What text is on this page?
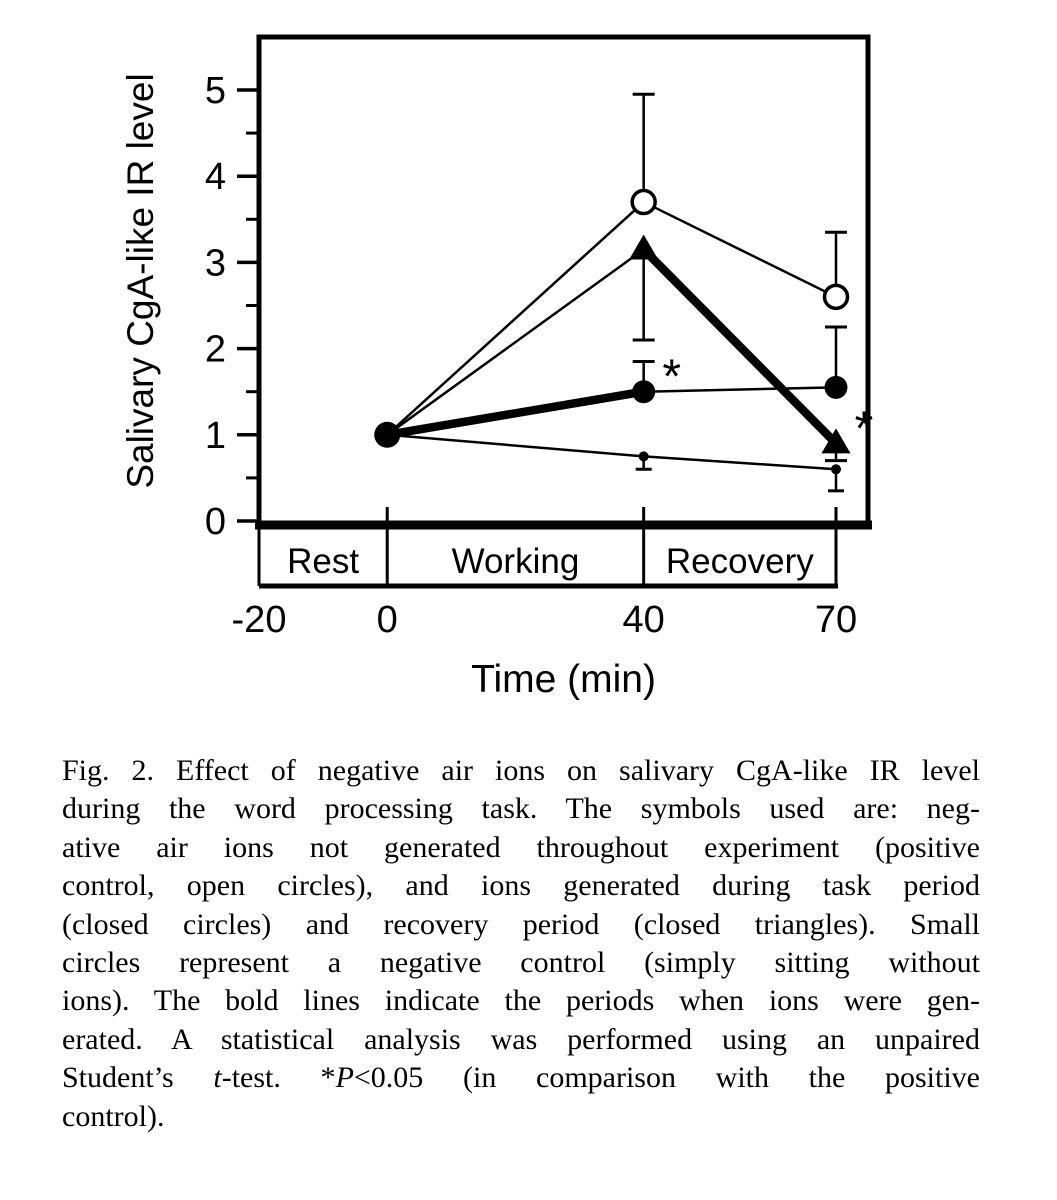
Rest	Working Recovery
-20 0	40	70
Time (min)
0
1
2
3
4
5
Salivary CgA-like IR level	*
*
Fig. 2. Effect of negative air ions on salivary CgA-like IR level
during the word processing task. The symbols used are: neg-
ative air ions not generated throughout experiment (positive
control, open circles), and ions generated during task period
(closed circles) and recovery period (closed triangles). Small
circles represent a negative control (simply sitting without
ions). The bold lines indicate the periods when ions were gen-
erated. A statistical analysis was performed using an unpaired
Student’s t-test. *P<0.05 (in comparison with the positive
control).
